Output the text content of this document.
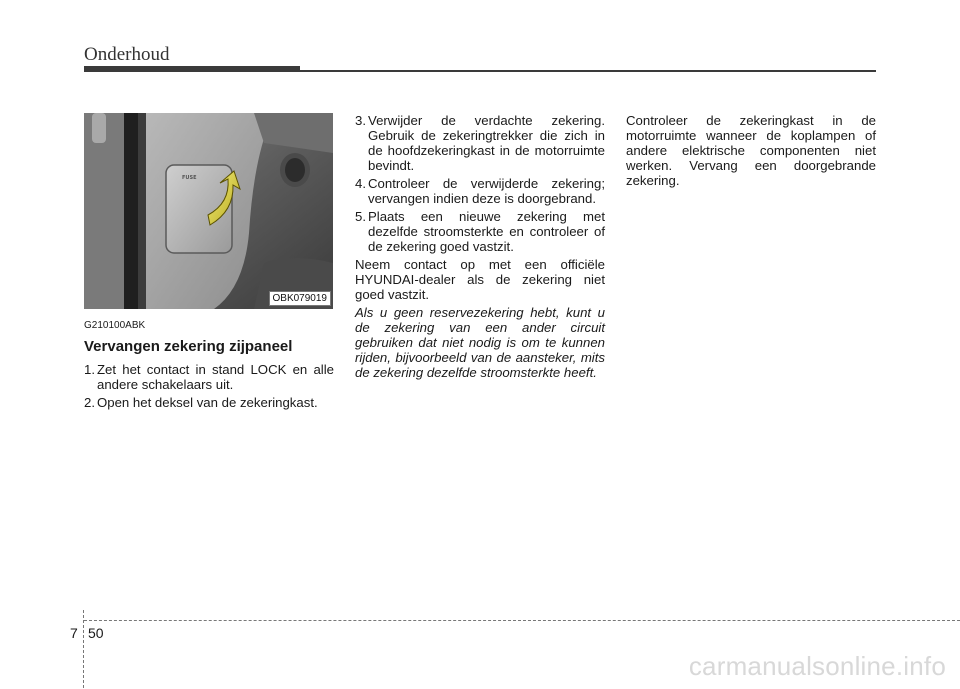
Onderhoud
FUSE
OBK079019
G210100ABK
Vervangen zekering zijpaneel
1. Zet het contact in stand LOCK en alle andere schakelaars uit.
2. Open het deksel van de zekeringkast.
3. Verwijder de verdachte zekering. Gebruik de zekeringtrekker die zich in de hoofdzekeringkast in de motorruimte bevindt.
4. Controleer de verwijderde zekering; vervangen indien deze is doorgebrand.
5. Plaats een nieuwe zekering met dezelfde stroomsterkte en controleer of de zekering goed vastzit.

Neem contact op met een officiële HYUNDAI-dealer als de zekering niet goed vastzit.

Als u geen reservezekering hebt, kunt u de zekering van een ander circuit gebruiken dat niet nodig is om te kunnen rijden, bijvoorbeeld van de aansteker, mits de zekering dezelfde stroomsterkte heeft.

Controleer de zekeringkast in de motorruimte wanneer de koplampen of andere elektrische componenten niet werken. Vervang een doorgebrande zekering.

7 50
carmanualsonline.info
